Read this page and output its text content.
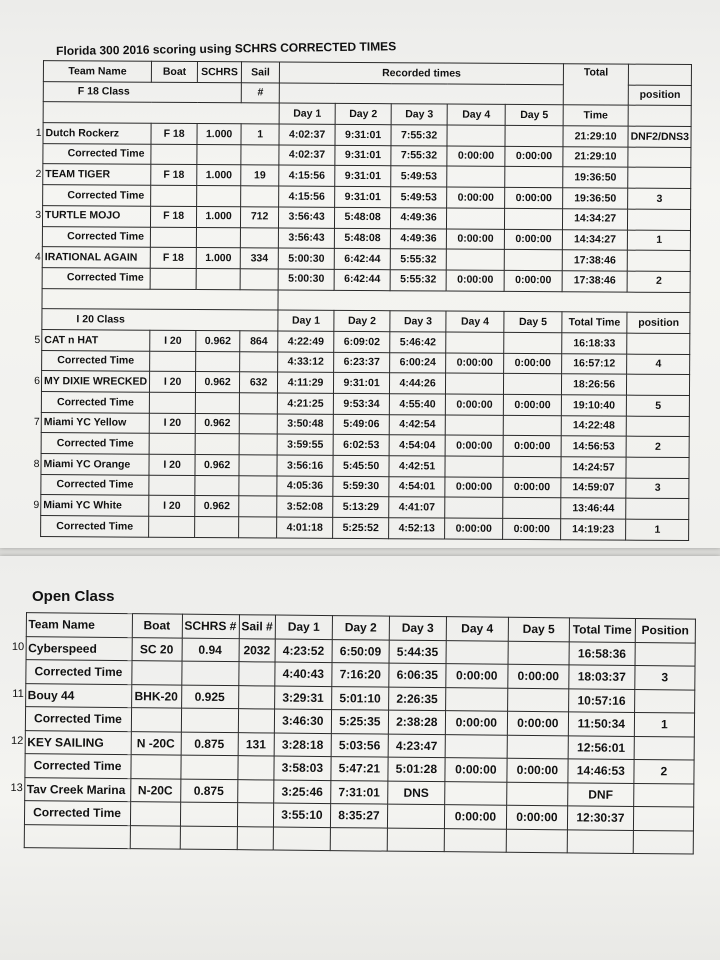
Florida 300 2016 scoring using SCHRS CORRECTED TIMES
	Team Name	Boat	SCHRS	Sail	Recorded times					Total	
	F 18 Class			#							position
					Day 1	Day 2	Day 3	Day 4	Day 5	Time	
1	Dutch Rockerz	F 18	1.000	1	4:02:37	9:31:01	7:55:32			21:29:10	DNF2/DNS3
	Corrected Time				4:02:37	9:31:01	7:55:32	0:00:00	0:00:00	21:29:10	
2	TEAM TIGER	F 18	1.000	19	4:15:56	9:31:01	5:49:53			19:36:50	
	Corrected Time				4:15:56	9:31:01	5:49:53	0:00:00	0:00:00	19:36:50	3
3	TURTLE MOJO	F 18	1.000	712	3:56:43	5:48:08	4:49:36			14:34:27	
	Corrected Time				3:56:43	5:48:08	4:49:36	0:00:00	0:00:00	14:34:27	1
4	IRATIONAL AGAIN	F 18	1.000	334	5:00:30	6:42:44	5:55:32			17:38:46	
	Corrected Time				5:00:30	6:42:44	5:55:32	0:00:00	0:00:00	17:38:46	2

	I 20 Class				Day 1	Day 2	Day 3	Day 4	Day 5	Total Time	position
5	CAT n HAT	I 20	0.962	864	4:22:49	6:09:02	5:46:42			16:18:33	
	Corrected Time				4:33:12	6:23:37	6:00:24	0:00:00	0:00:00	16:57:12	4
6	MY DIXIE WRECKED	I 20	0.962	632	4:11:29	9:31:01	4:44:26			18:26:56	
	Corrected Time				4:21:25	9:53:34	4:55:40	0:00:00	0:00:00	19:10:40	5
7	Miami YC Yellow	I 20	0.962		3:50:48	5:49:06	4:42:54			14:22:48	
	Corrected Time				3:59:55	6:02:53	4:54:04	0:00:00	0:00:00	14:56:53	2
8	Miami YC Orange	I 20	0.962		3:56:16	5:45:50	4:42:51			14:24:57	
	Corrected Time				4:05:36	5:59:30	4:54:01	0:00:00	0:00:00	14:59:07	3
9	Miami YC White	I 20	0.962		3:52:08	5:13:29	4:41:07			13:46:44	
	Corrected Time				4:01:18	5:25:52	4:52:13	0:00:00	0:00:00	14:19:23	1
Open Class
	Team Name	Boat	SCHRS #	Sail #	Day 1	Day 2	Day 3	Day 4	Day 5	Total Time	Position
10	Cyberspeed	SC 20	0.94	2032	4:23:52	6:50:09	5:44:35			16:58:36	
	Corrected Time				4:40:43	7:16:20	6:06:35	0:00:00	0:00:00	18:03:37	3
11	Bouy 44	BHK-20	0.925		3:29:31	5:01:10	2:26:35			10:57:16	
	Corrected Time				3:46:30	5:25:35	2:38:28	0:00:00	0:00:00	11:50:34	1
12	KEY SAILING	N -20C	0.875	131	3:28:18	5:03:56	4:23:47			12:56:01	
	Corrected Time				3:58:03	5:47:21	5:01:28	0:00:00	0:00:00	14:46:53	2
13	Tav Creek Marina	N-20C	0.875		3:25:46	7:31:01	DNS			DNF	
	Corrected Time				3:55:10	8:35:27		0:00:00	0:00:00	12:30:37	
